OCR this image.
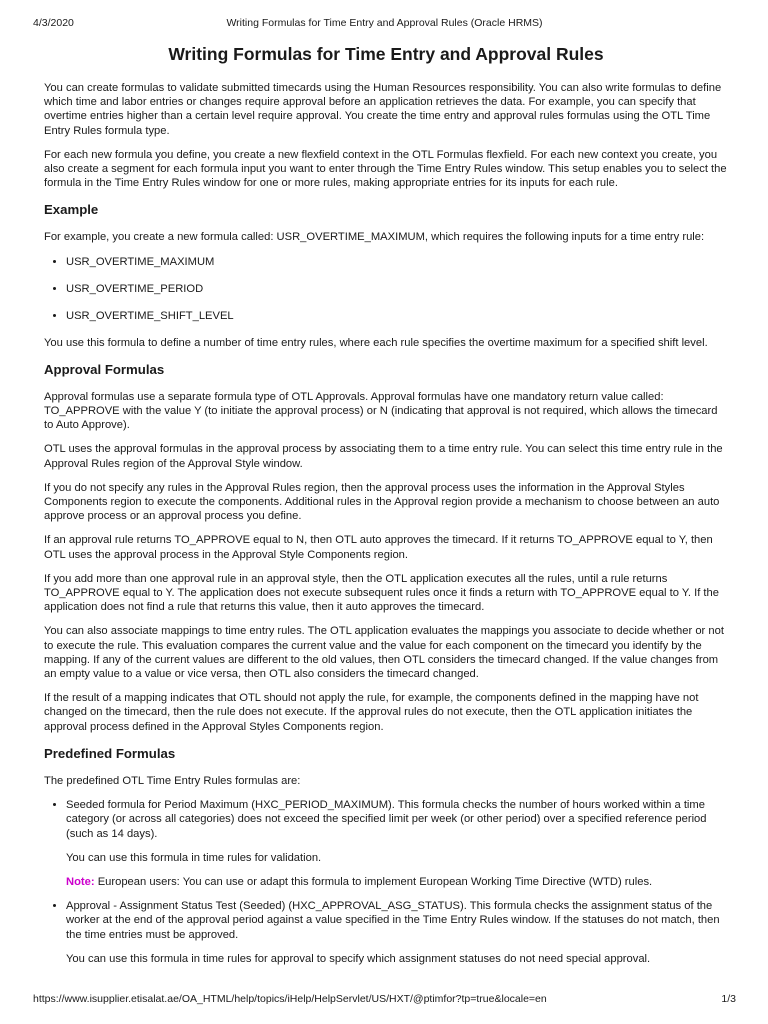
4/3/2020	Writing Formulas for Time Entry and Approval Rules (Oracle HRMS)
Writing Formulas for Time Entry and Approval Rules

You can create formulas to validate submitted timecards using the Human Resources responsibility. You can also write formulas to define which time and labor entries or changes require approval before an application retrieves the data. For example, you can specify that overtime entries higher than a certain level require approval. You create the time entry and approval rules formulas using the OTL Time Entry Rules formula type.

For each new formula you define, you create a new flexfield context in the OTL Formulas flexfield. For each new context you create, you also create a segment for each formula input you want to enter through the Time Entry Rules window. This setup enables you to select the formula in the Time Entry Rules window for one or more rules, making appropriate entries for its inputs for each rule.

Example

For example, you create a new formula called: USR_OVERTIME_MAXIMUM, which requires the following inputs for a time entry rule:

• USR_OVERTIME_MAXIMUM
• USR_OVERTIME_PERIOD
• USR_OVERTIME_SHIFT_LEVEL

You use this formula to define a number of time entry rules, where each rule specifies the overtime maximum for a specified shift level.

Approval Formulas

Approval formulas use a separate formula type of OTL Approvals. Approval formulas have one mandatory return value called: TO_APPROVE with the value Y (to initiate the approval process) or N (indicating that approval is not required, which allows the timecard to Auto Approve).

OTL uses the approval formulas in the approval process by associating them to a time entry rule. You can select this time entry rule in the Approval Rules region of the Approval Style window.

If you do not specify any rules in the Approval Rules region, then the approval process uses the information in the Approval Styles Components region to execute the components. Additional rules in the Approval region provide a mechanism to choose between an auto approve process or an approval process you define.

If an approval rule returns TO_APPROVE equal to N, then OTL auto approves the timecard. If it returns TO_APPROVE equal to Y, then OTL uses the approval process in the Approval Style Components region.

If you add more than one approval rule in an approval style, then the OTL application executes all the rules, until a rule returns TO_APPROVE equal to Y. The application does not execute subsequent rules once it finds a return with TO_APPROVE equal to Y. If the application does not find a rule that returns this value, then it auto approves the timecard.

You can also associate mappings to time entry rules. The OTL application evaluates the mappings you associate to decide whether or not to execute the rule. This evaluation compares the current value and the value for each component on the timecard you identify by the mapping. If any of the current values are different to the old values, then OTL considers the timecard changed. If the value changes from an empty value to a value or vice versa, then OTL also considers the timecard changed.

If the result of a mapping indicates that OTL should not apply the rule, for example, the components defined in the mapping have not changed on the timecard, then the rule does not execute. If the approval rules do not execute, then the OTL application initiates the approval process defined in the Approval Styles Components region.

Predefined Formulas

The predefined OTL Time Entry Rules formulas are:

• Seeded formula for Period Maximum (HXC_PERIOD_MAXIMUM). This formula checks the number of hours worked within a time category (or across all categories) does not exceed the specified limit per week (or other period) over a specified reference period (such as 14 days).

You can use this formula in time rules for validation.

Note: European users: You can use or adapt this formula to implement European Working Time Directive (WTD) rules.

• Approval - Assignment Status Test (Seeded) (HXC_APPROVAL_ASG_STATUS). This formula checks the assignment status of the worker at the end of the approval period against a value specified in the Time Entry Rules window. If the statuses do not match, then the time entries must be approved.

You can use this formula in time rules for approval to specify which assignment statuses do not need special approval.

https://www.isupplier.etisalat.ae/OA_HTML/help/topics/iHelp/HelpServlet/US/HXT/@ptimfor?tp=true&locale=en	1/3
